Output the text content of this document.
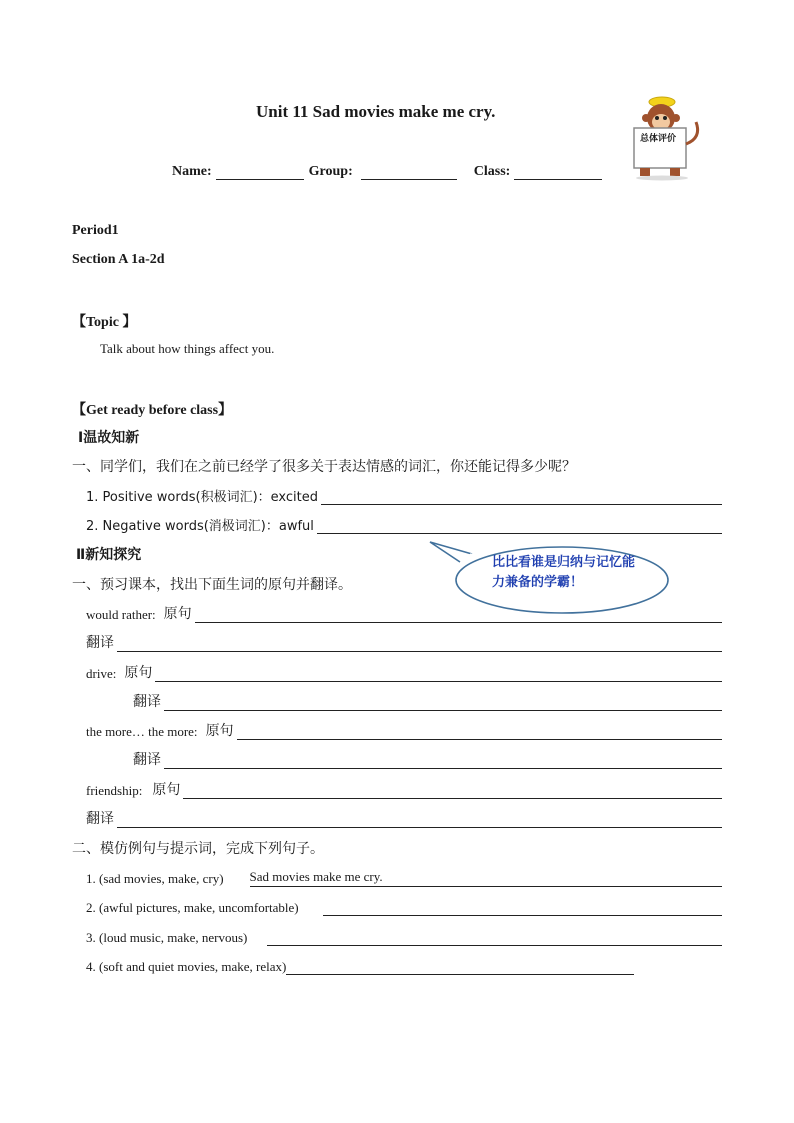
Unit 11 Sad movies make me cry.
总体评价
Name:	Group:	Class:
Period1
Section A 1a-2d
【Topic 】
Talk about how things affect you.
【Get ready before class】
Ⅰ温故知新
一、同学们，我们在之前已经学了很多关于表达情感的词汇，你还能记得多少呢？
1. Positive words(积极词汇)：excited
2. Negative words(消极词汇)：awful
Ⅱ新知探究
一、预习课本，找出下面生词的原句并翻译。
比比看谁是归纳与记忆能力兼备的学霸！
would rather: 原句
翻译
drive: 原句
翻译
the more… the more: 原句
翻译
friendship: 原句
翻译
二、模仿例句与提示词，完成下列句子。
1. (sad movies, make, cry) Sad movies make me cry.
2. (awful pictures, make, uncomfortable)
3. (loud music, make, nervous)
4. (soft and quiet movies, make, relax)
